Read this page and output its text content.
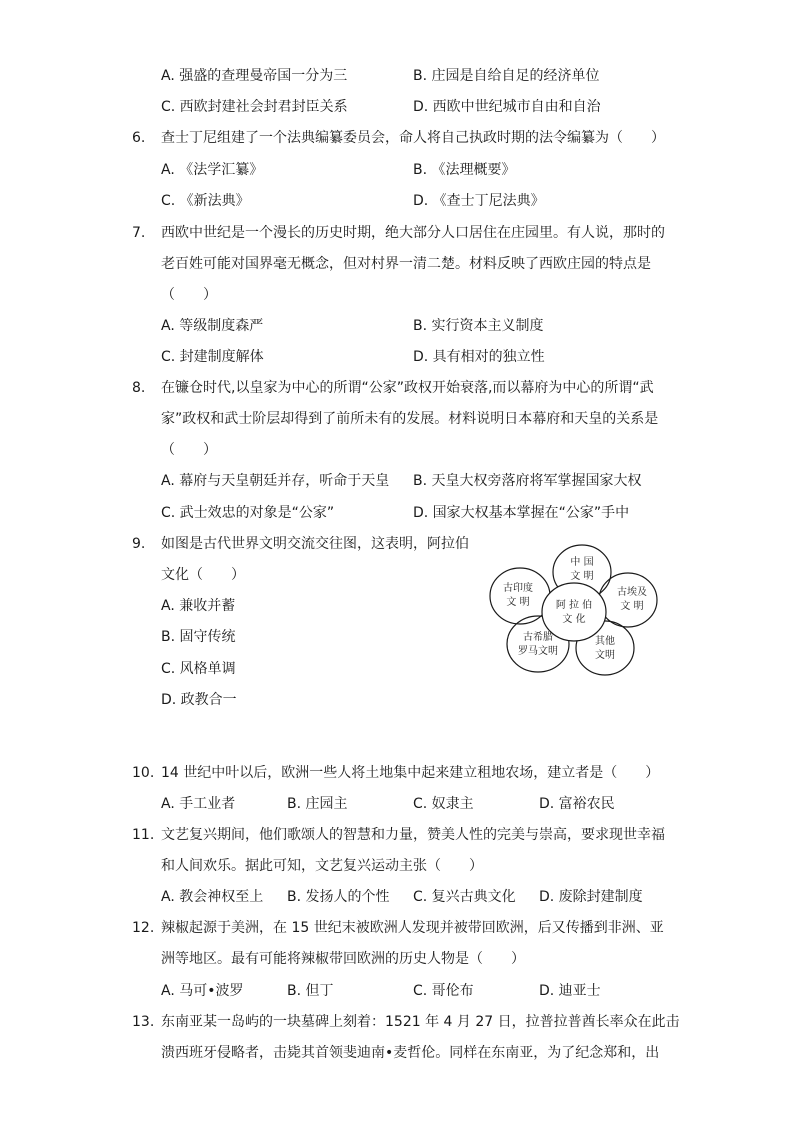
A. 强盛的查理曼帝国一分为三	B. 庄园是自给自足的经济单位
C. 西欧封建社会封君封臣关系	D. 西欧中世纪城市自由和自治
6. 查士丁尼组建了一个法典编纂委员会，命人将自己执政时期的法令编纂为（　　）
A. 《法学汇纂》	B. 《法理概要》
C. 《新法典》	D. 《查士丁尼法典》
7. 西欧中世纪是一个漫长的历史时期，绝大部分人口居住在庄园里。有人说，那时的
老百姓可能对国界毫无概念，但对村界一清二楚。材料反映了西欧庄园的特点是
（　　）
A. 等级制度森严	B. 实行资本主义制度
C. 封建制度解体	D. 具有相对的独立性
8. 在镰仓时代,以皇家为中心的所谓“公家”政权开始衰落,而以幕府为中心的所谓“武
家”政权和武士阶层却得到了前所未有的发展。材料说明日本幕府和天皇的关系是
（　　）
A. 幕府与天皇朝廷并存，听命于天皇 B. 天皇大权旁落府将军掌握国家大权
C. 武士效忠的对象是“公家”	D. 国家大权基本掌握在“公家”手中
9. 如图是古代世界文明交流交往图，这表明，阿拉伯
文化（　　）
A. 兼收并蓄
B. 固守传统
C. 风格单调
D. 政教合一
中 国
文 明
古埃及
文 明
其他
文明
古希腊
罗马文明
古印度
文 明	阿 拉 伯
文 化
10. 14 世纪中叶以后，欧洲一些人将土地集中起来建立租地农场，建立者是（　　）
A. 手工业者	B. 庄园主	C. 奴隶主	D. 富裕农民
11. 文艺复兴期间，他们歌颂人的智慧和力量，赞美人性的完美与崇高，要求现世幸福
和人间欢乐。据此可知，文艺复兴运动主张（　　）
A. 教会神权至上 B. 发扬人的个性 C. 复兴古典文化 D. 废除封建制度
12. 辣椒起源于美洲，在 15 世纪末被欧洲人发现并被带回欧洲，后又传播到非洲、亚
洲等地区。最有可能将辣椒带回欧洲的历史人物是（　　）
A. 马可•波罗	B. 但丁	C. 哥伦布	D. 迪亚士
13. 东南亚某一岛屿的一块墓碑上刻着：1521 年 4 月 27 日，拉普拉普酋长率众在此击
溃西班牙侵略者，击毙其首领斐迪南•麦哲伦。同样在东南亚，为了纪念郑和，出
